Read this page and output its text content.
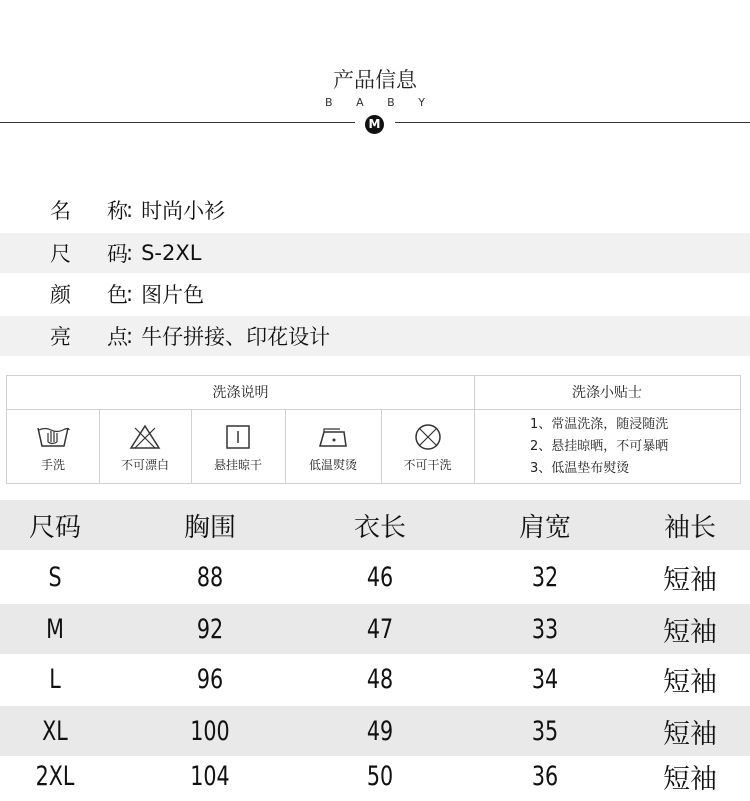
产品信息
B A B Y
M
名 称
: 时尚小衫
尺 码
: S-2XL
颜 色
: 图片色
亮 点
: 牛仔拼接、印花设计
洗涤说明	洗涤小贴士
手洗	不可漂白	悬挂晾干	低温熨烫	不可干洗
1、常温洗涤，随浸随洗
2、悬挂晾晒，不可暴晒
3、低温垫布熨烫
尺码	胸围	衣长	肩宽	袖长
S	88	46	32	短袖
M	92	47	33	短袖
L	96	48	34	短袖
XL	100	49	35	短袖
2XL	104	50	36	短袖
